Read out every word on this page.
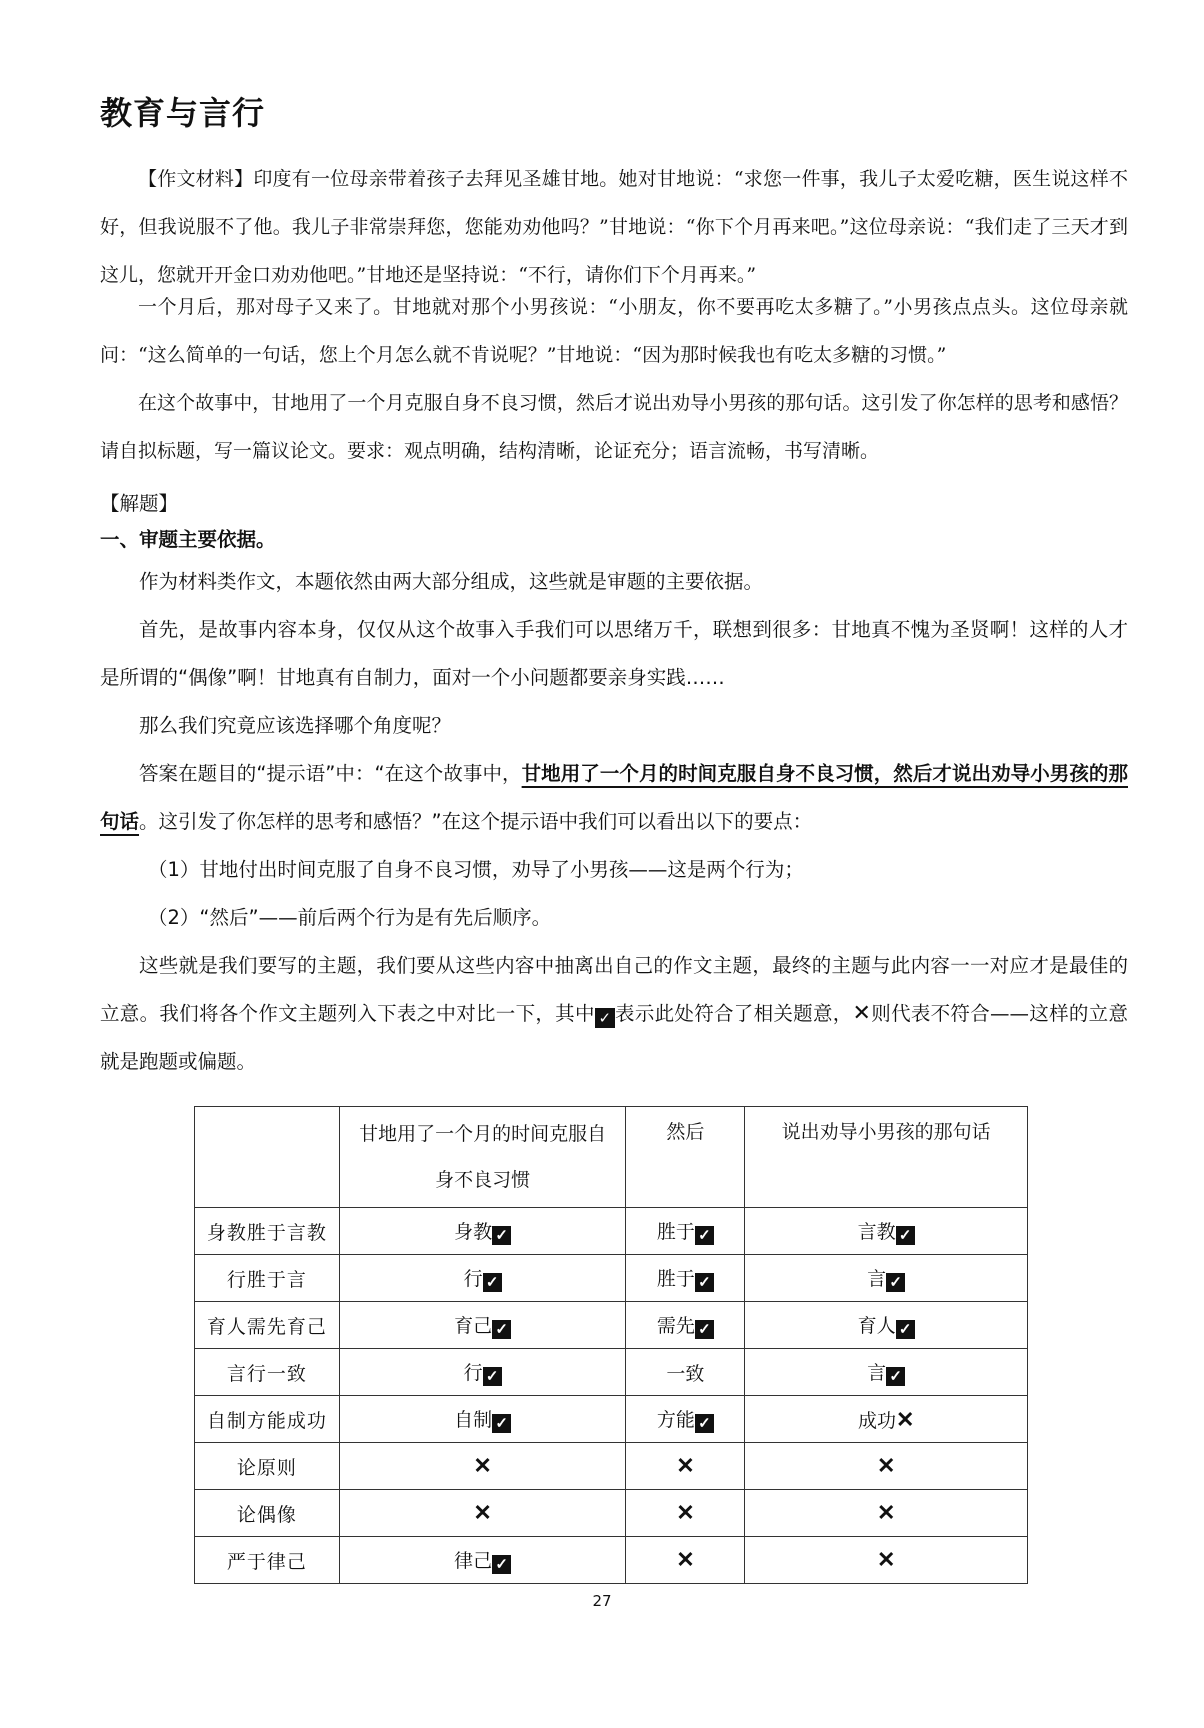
教育与言行

【作文材料】印度有一位母亲带着孩子去拜见圣雄甘地。她对甘地说：“求您一件事，我儿子太爱吃糖，医生说这样不好，但我说服不了他。我儿子非常崇拜您，您能劝劝他吗？”甘地说：“你下个月再来吧。”这位母亲说：“我们走了三天才到这儿，您就开开金口劝劝他吧。”甘地还是坚持说：“不行，请你们下个月再来。”

一个月后，那对母子又来了。甘地就对那个小男孩说：“小朋友，你不要再吃太多糖了。”小男孩点点头。这位母亲就问：“这么简单的一句话，您上个月怎么就不肯说呢？”甘地说：“因为那时候我也有吃太多糖的习惯。”

在这个故事中，甘地用了一个月克服自身不良习惯，然后才说出劝导小男孩的那句话。这引发了你怎样的思考和感悟？请自拟标题，写一篇议论文。要求：观点明确，结构清晰，论证充分；语言流畅，书写清晰。

【解题】

一、审题主要依据。

作为材料类作文，本题依然由两大部分组成，这些就是审题的主要依据。

首先，是故事内容本身，仅仅从这个故事入手我们可以思绪万千，联想到很多：甘地真不愧为圣贤啊！这样的人才是所谓的“偶像”啊！甘地真有自制力，面对一个小问题都要亲身实践……

那么我们究竟应该选择哪个角度呢？

答案在题目的“提示语”中：“在这个故事中，甘地用了一个月的时间克服自身不良习惯，然后才说出劝导小男孩的那句话。这引发了你怎样的思考和感悟？”在这个提示语中我们可以看出以下的要点：

（1）甘地付出时间克服了自身不良习惯，劝导了小男孩——这是两个行为；

（2）“然后”——前后两个行为是有先后顺序。

这些就是我们要写的主题，我们要从这些内容中抽离出自己的作文主题，最终的主题与此内容一一对应才是最佳的立意。我们将各个作文主题列入下表之中对比一下，其中 ✓ 表示此处符合了相关题意，✕则代表不符合——这样的立意就是跑题或偏题。

	甘地用了一个月的时间克服自身不良习惯	然后	说出劝导小男孩的那句话
身教胜于言教	身教 ✓	胜于 ✓	言教 ✓
行胜于言	行 ✓	胜于 ✓	言 ✓
育人需先育己	育己 ✓	需先 ✓	育人 ✓
言行一致	行 ✓	一致	言 ✓
自制方能成功	自制 ✓	方能 ✓	成功✕
论原则	✕	✕	✕
论偶像	✕	✕	✕
严于律己	律己 ✓	✕	✕
27
